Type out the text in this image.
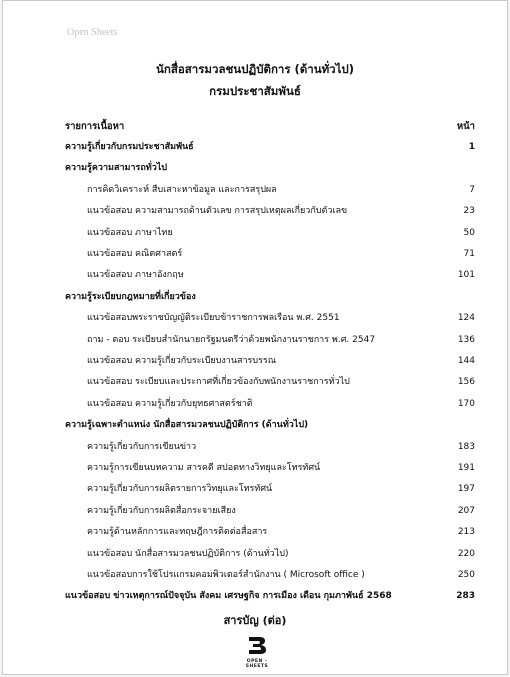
Open Sheets
นักสื่อสารมวลชนปฏิบัติการ (ด้านทั่วไป)
กรมประชาสัมพันธ์
รายการเนื้อหา	หน้า
ความรู้เกี่ยวกับกรมประชาสัมพันธ์	1
ความรู้ความสามารถทั่วไป
การคิดวิเคราะห์ สืบเสาะหาข้อมูล และการสรุปผล	7
แนวข้อสอบ ความสามารถด้านตัวเลข การสรุปเหตุผลเกี่ยวกับตัวเลข	23
แนวข้อสอบ ภาษาไทย	50
แนวข้อสอบ คณิตศาสตร์	71
แนวข้อสอบ ภาษาอังกฤษ	101
ความรู้ระเบียบกฎหมายที่เกี่ยวข้อง
แนวข้อสอบพระราชบัญญัติระเบียบข้าราชการพลเรือน พ.ศ. 2551	124
ถาม - ตอบ ระเบียบสำนักนายกรัฐมนตรีว่าด้วยพนักงานราชการ พ.ศ. 2547	136
แนวข้อสอบ ความรู้เกี่ยวกับระเบียบงานสารบรรณ	144
แนวข้อสอบ ระเบียบและประกาศที่เกี่ยวข้องกับพนักงานราชการทั่วไป	156
แนวข้อสอบ ความรู้เกี่ยวกับยุทธศาสตร์ชาติ	170
ความรู้เฉพาะตำแหน่ง นักสื่อสารมวลชนปฏิบัติการ (ด้านทั่วไป)
ความรู้เกี่ยวกับการเขียนข่าว	183
ความรู้การเขียนบทความ สารคดี สปอตทางวิทยุและโทรทัศน์	191
ความรู้เกี่ยวกับการผลิตรายการวิทยุและโทรทัศน์	197
ความรู้เกี่ยวกับการผลิตสื่อกระจายเสียง	207
ความรู้ด้านหลักการและทฤษฎีการติดต่อสื่อสาร	213
แนวข้อสอบ นักสื่อสารมวลชนปฏิบัติการ (ด้านทั่วไป)	220
แนวข้อสอบการใช้โปรแกรมคอมพิวเตอร์สำนักงาน ( Microsoft office )	250
แนวข้อสอบ ข่าวเหตุการณ์ปัจจุบัน สังคม เศรษฐกิจ การเมือง เดือน กุมภาพันธ์ 2568	283
สารบัญ (ต่อ)
OPEN - SHEETS
